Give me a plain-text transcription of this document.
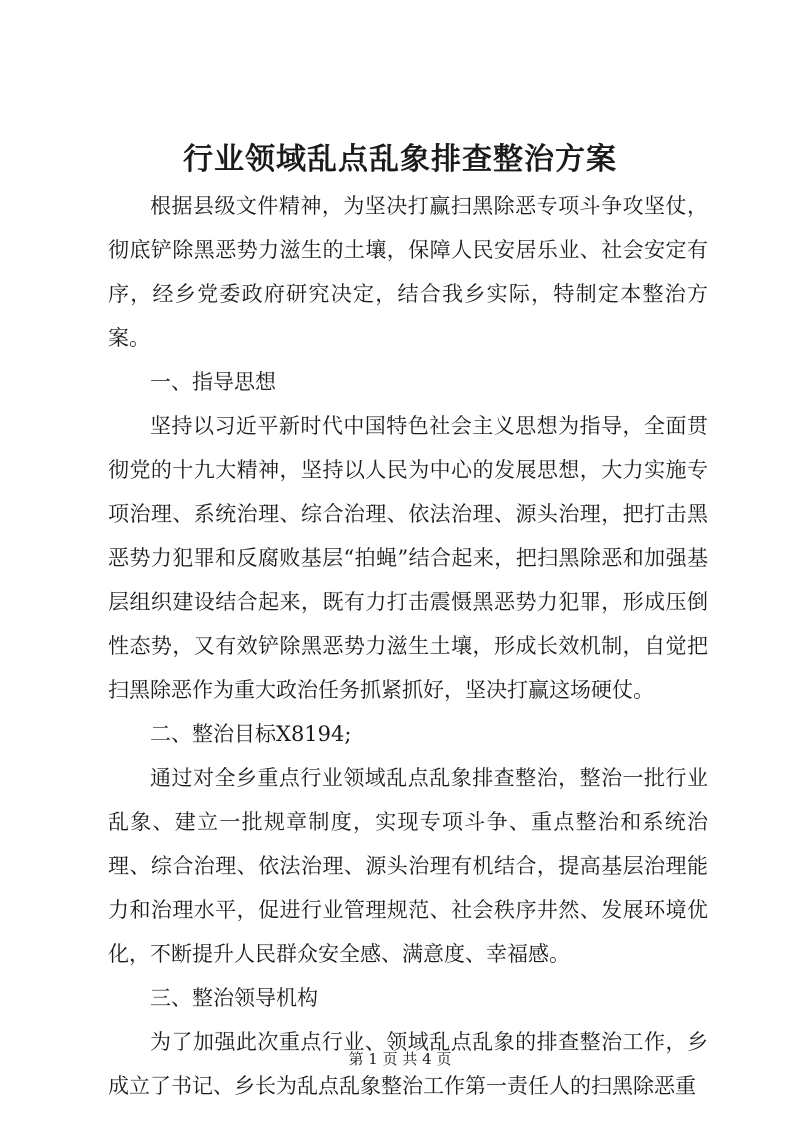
行业领域乱点乱象排查整治方案

根据县级文件精神，为坚决打赢扫黑除恶专项斗争攻坚仗，彻底铲除黑恶势力滋生的土壤，保障人民安居乐业、社会安定有序，经乡党委政府研究决定，结合我乡实际，特制定本整治方案。

一、指导思想

坚持以习近平新时代中国特色社会主义思想为指导，全面贯彻党的十九大精神，坚持以人民为中心的发展思想，大力实施专项治理、系统治理、综合治理、依法治理、源头治理，把打击黑恶势力犯罪和反腐败基层“拍蝇”结合起来，把扫黑除恶和加强基层组织建设结合起来，既有力打击震慑黑恶势力犯罪，形成压倒性态势，又有效铲除黑恶势力滋生土壤，形成长效机制，自觉把扫黑除恶作为重大政治任务抓紧抓好，坚决打赢这场硬仗。

二、整治目标X8194;

通过对全乡重点行业领域乱点乱象排查整治，整治一批行业乱象、建立一批规章制度，实现专项斗争、重点整治和系统治理、综合治理、依法治理、源头治理有机结合，提高基层治理能力和治理水平，促进行业管理规范、社会秩序井然、发展环境优化，不断提升人民群众安全感、满意度、幸福感。

三、整治领导机构

为了加强此次重点行业、领域乱点乱象的排查整治工作，乡成立了书记、乡长为乱点乱象整治工作第一责任人的扫黑除恶重

第 1 页 共 4 页
